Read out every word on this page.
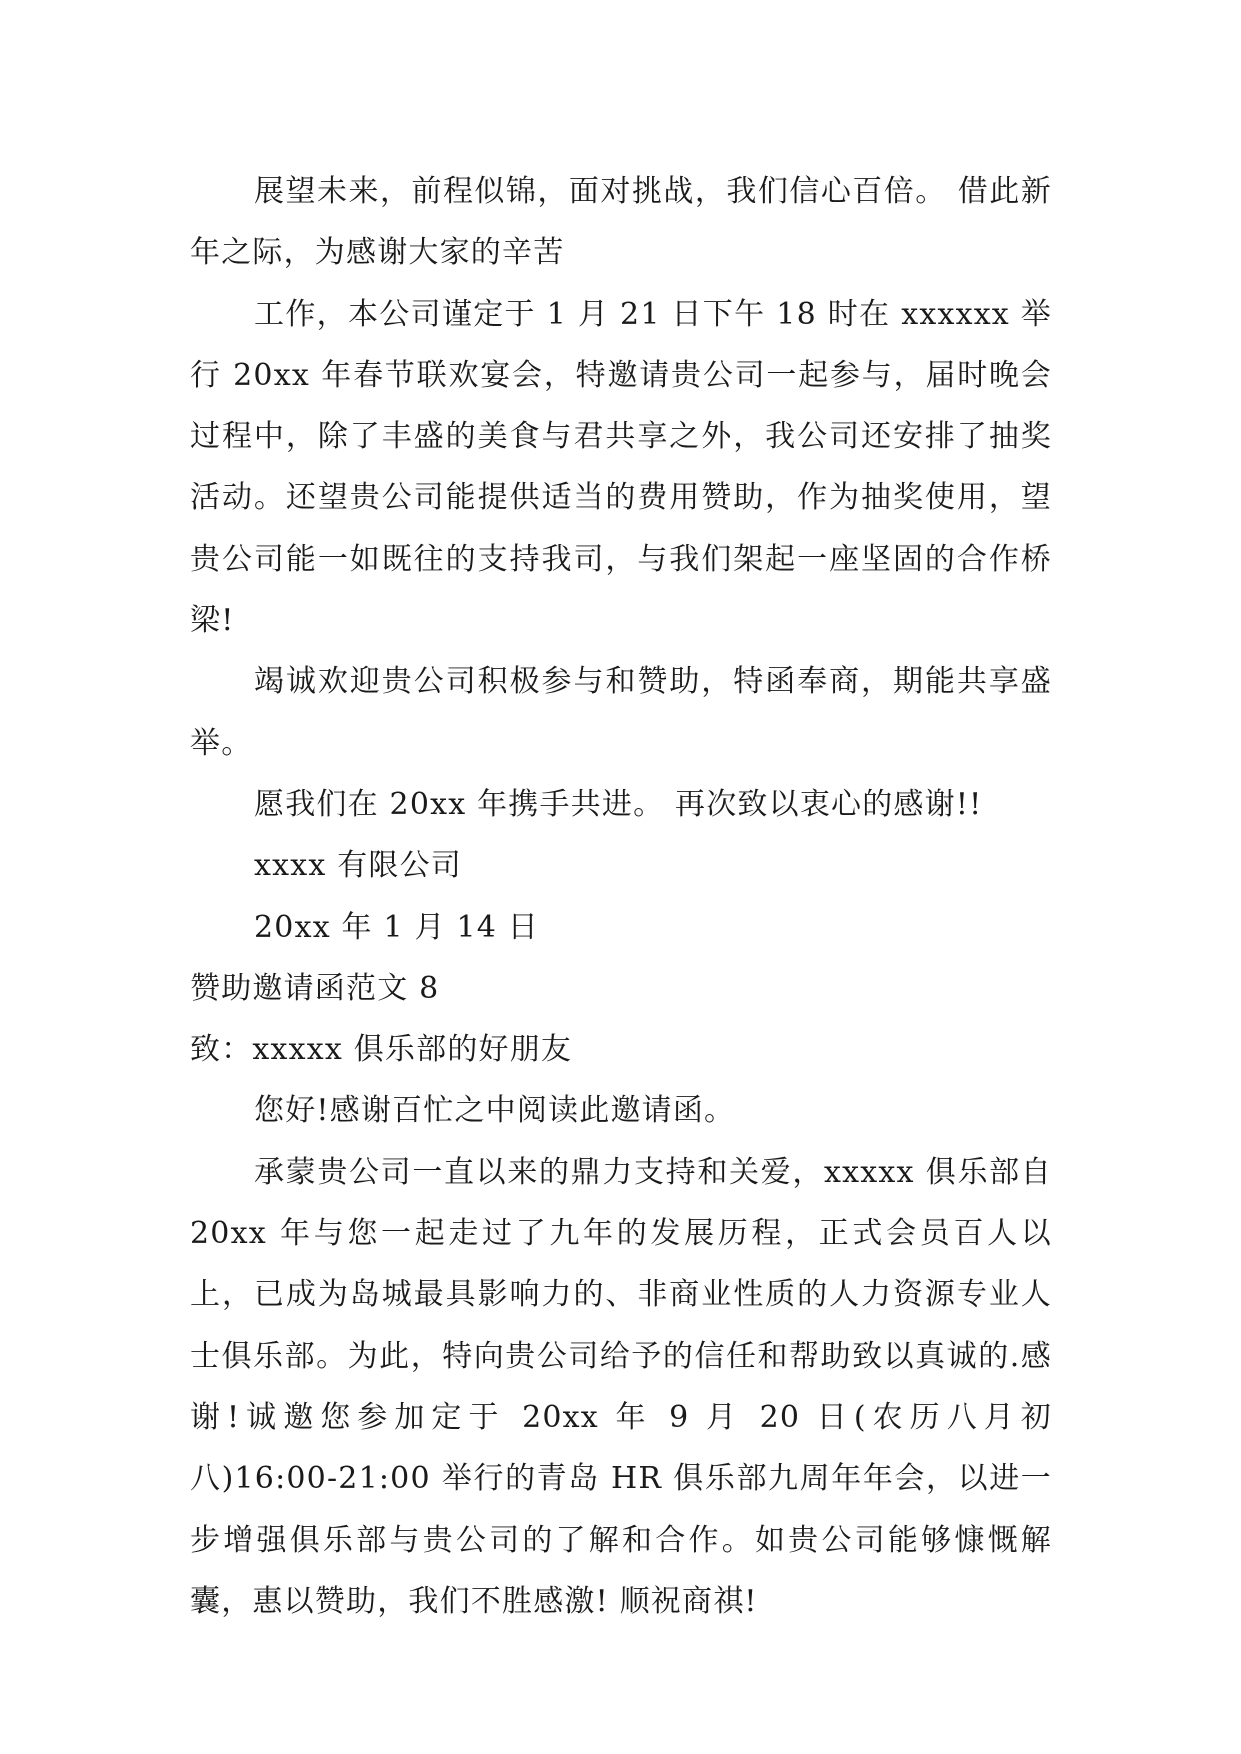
展望未来，前程似锦，面对挑战，我们信心百倍。 借此新年之际，为感谢大家的辛苦

工作，本公司谨定于 1 月 21 日下午 18 时在 xxxxxx 举行 20xx 年春节联欢宴会，特邀请贵公司一起参与，届时晚会过程中，除了丰盛的美食与君共享之外，我公司还安排了抽奖活动。还望贵公司能提供适当的费用赞助，作为抽奖使用，望贵公司能一如既往的支持我司，与我们架起一座坚固的合作桥梁!

竭诚欢迎贵公司积极参与和赞助，特函奉商，期能共享盛举。

愿我们在 20xx 年携手共进。 再次致以衷心的感谢!!

xxxx 有限公司

20xx 年 1 月 14 日

赞助邀请函范文 8

致：xxxxx 俱乐部的好朋友

您好!感谢百忙之中阅读此邀请函。

承蒙贵公司一直以来的鼎力支持和关爱，xxxxx 俱乐部自 20xx 年与您一起走过了九年的发展历程，正式会员百人以上，已成为岛城最具影响力的、非商业性质的人力资源专业人士俱乐部。为此，特向贵公司给予的信任和帮助致以真诚的.感谢!诚邀您参加定于 20xx 年 9 月 20 日(农历八月初八)16:00-21:00 举行的青岛 HR 俱乐部九周年年会，以进一步增强俱乐部与贵公司的了解和合作。如贵公司能够慷慨解囊，惠以赞助，我们不胜感激! 顺祝商祺!
